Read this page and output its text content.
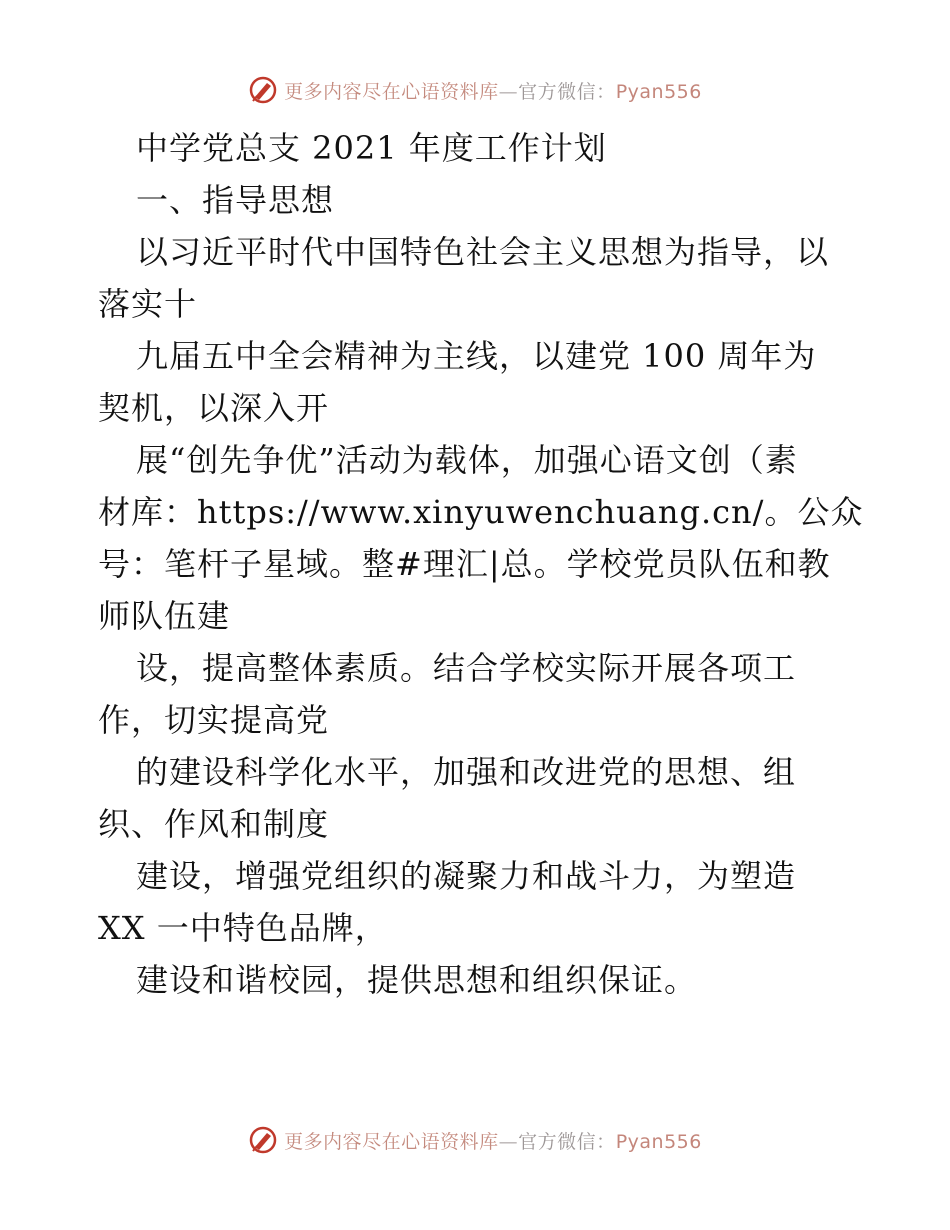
更多内容尽在心语资料库—官方微信：Pyan556
中学党总支 2021 年度工作计划
一、指导思想
以习近平时代中国特色社会主义思想为指导，以
落实十
九届五中全会精神为主线，以建党 100 周年为
契机，以深入开
展“创先争优”活动为载体，加强心语文创（素
材库：https://www.xinyuwenchuang.cn/。公众
号：笔杆子星域。整#理汇|总。学校党员队伍和教
师队伍建
设，提高整体素质。结合学校实际开展各项工
作，切实提高党
的建设科学化水平，加强和改进党的思想、组
织、作风和制度
建设，增强党组织的凝聚力和战斗力，为塑造
XX 一中特色品牌，
建设和谐校园，提供思想和组织保证。
更多内容尽在心语资料库—官方微信：Pyan556
